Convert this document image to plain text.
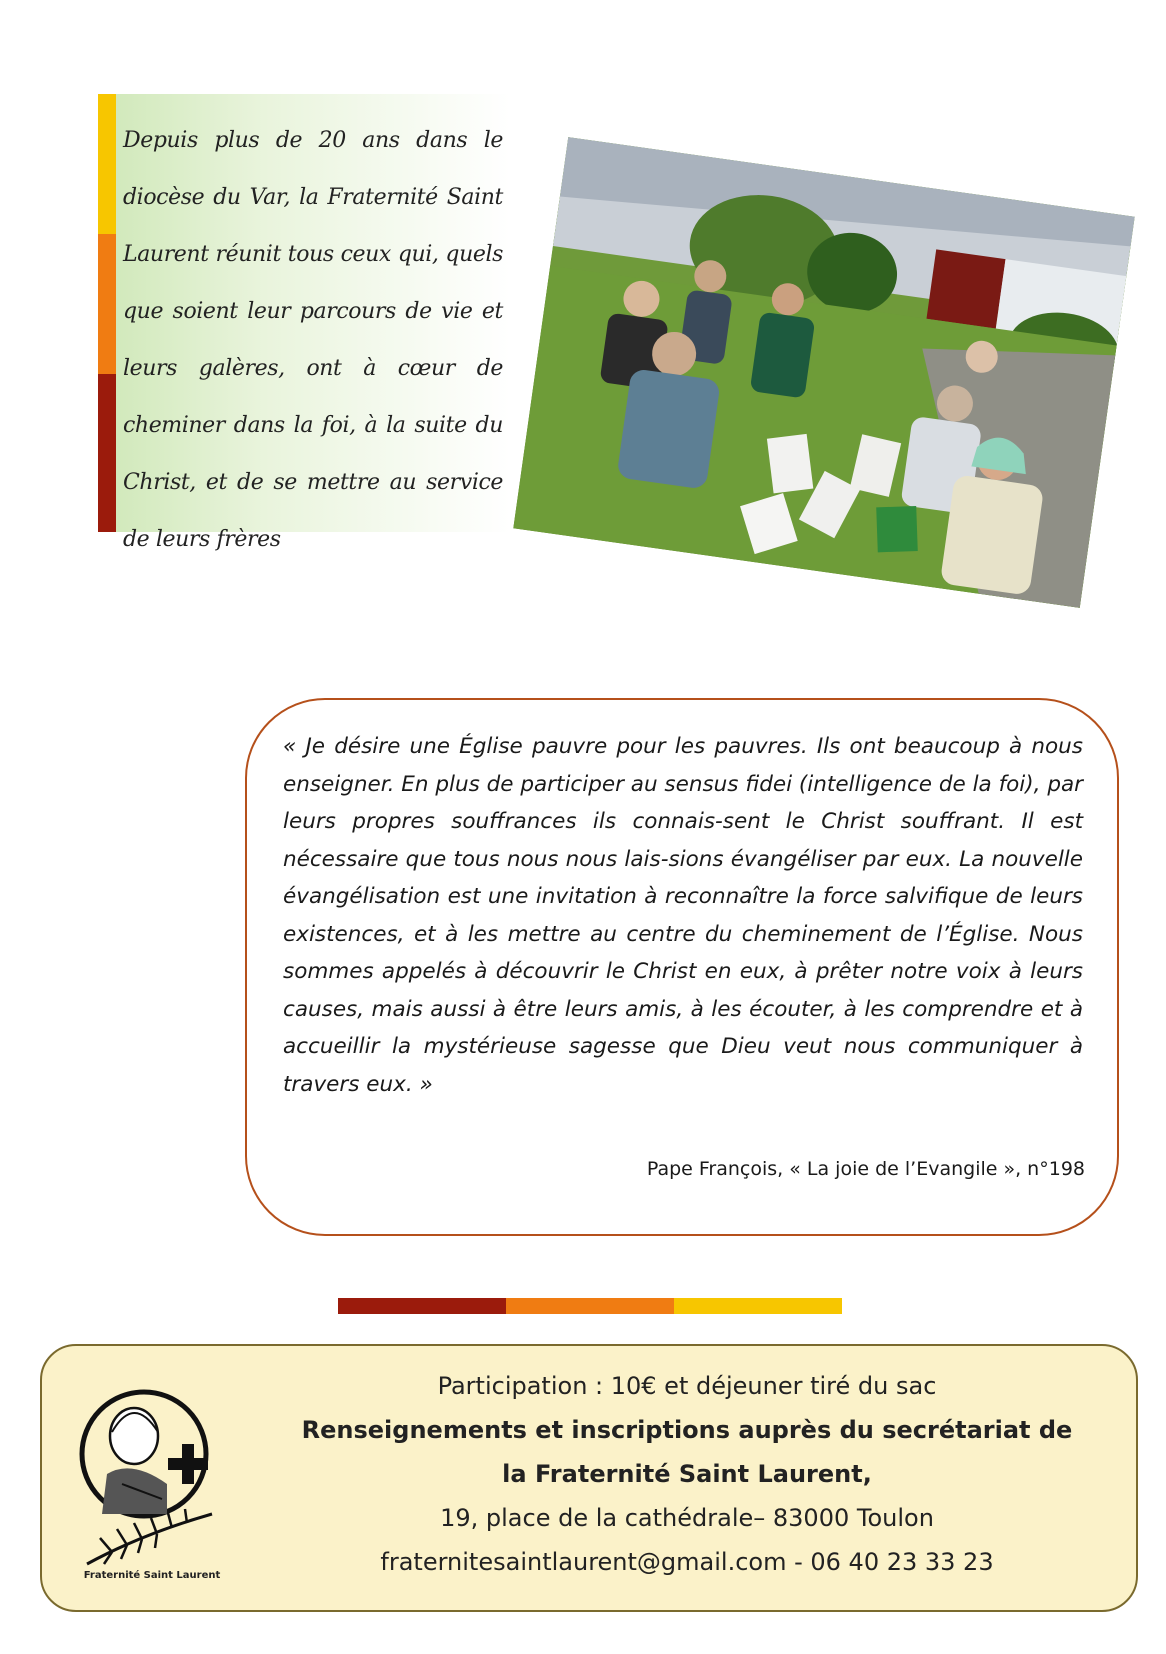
Depuis plus de 20 ans dans le diocèse du Var, la Fraternité Saint Laurent réunit tous ceux qui, quels que soient leur parcours de vie et leurs galères, ont à cœur de cheminer dans la foi, à la suite du Christ, et de se mettre au service de leurs frères
« Je désire une Église pauvre pour les pauvres. Ils ont beaucoup à nous enseigner. En plus de participer au sensus fidei (intelligence de la foi), par leurs propres souffrances ils connais-sent le Christ souffrant. Il est nécessaire que tous nous nous lais-sions évangéliser par eux. La nouvelle évangélisation est une invitation à reconnaître la force salvifique de leurs existences, et à les mettre au centre du cheminement de l’Église. Nous sommes appelés à découvrir le Christ en eux, à prêter notre voix à leurs causes, mais aussi à être leurs amis, à les écouter, à les comprendre et à accueillir la mystérieuse sagesse que Dieu veut nous communiquer à travers eux. »
Pape François, « La joie de l’Evangile », n°198
Fraternité Saint Laurent
Participation : 10€ et déjeuner tiré du sac
Renseignements et inscriptions auprès du secrétariat de
la Fraternité Saint Laurent,
19, place de la cathédrale– 83000 Toulon
fraternitesaintlaurent@gmail.com - 06 40 23 33 23
